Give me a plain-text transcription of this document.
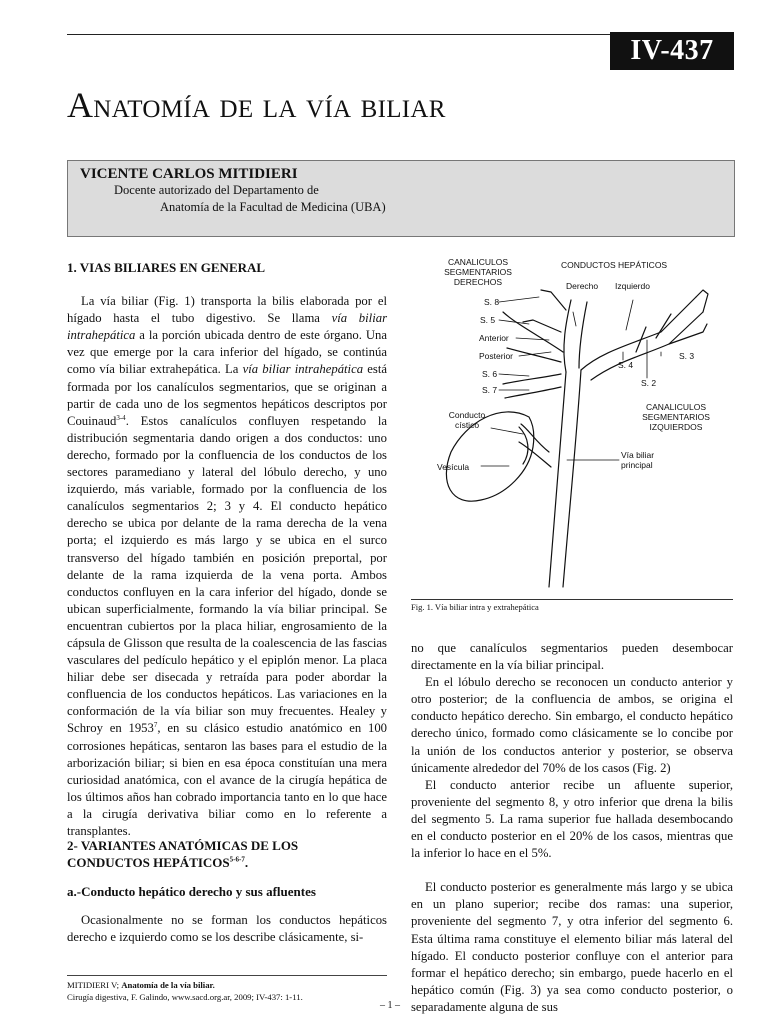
IV-437
Anatomía de la vía biliar
VICENTE CARLOS MITIDIERI
Docente autorizado del Departamento de
Anatomía de la Facultad de Medicina (UBA)

1. VIAS BILIARES EN GENERAL

La vía biliar (Fig. 1) transporta la bilis elaborada por el hígado hasta el tubo digestivo. Se llama vía biliar intrahepática a la porción ubicada dentro de este órgano. Una vez que emerge por la cara inferior del hígado, se continúa como vía biliar extrahepática. La vía biliar intrahepática está formada por los canalículos segmentarios, que se originan a partir de cada uno de los segmentos hepáticos descriptos por Couinaud$^{3-4}$. Estos canalículos confluyen respetando la distribución segmentaria dando origen a dos conductos: uno derecho, formado por la confluencia de los conductos de los sectores paramediano y lateral del lóbulo derecho, y uno izquierdo, más variable, formado por la confluencia de los canalículos segmentarios 2; 3 y 4. El conducto hepático derecho se ubica por delante de la rama derecha de la vena porta; el izquierdo es más largo y se ubica en el surco transverso del hígado también en posición preportal, por delante de la rama izquierda de la vena porta. Ambos conductos confluyen en la cara inferior del hígado, donde se ubican superficialmente, formando la vía biliar principal. Se encuentran cubiertos por la placa hiliar, engrosamiento de la cápsula de Glisson que resulta de la coalescencia de las fascias vasculares del pedículo hepático y el epiplón menor. La placa hiliar debe ser disecada y retraída para poder abordar la confluencia de los conductos hepáticos. Las variaciones en la conformación de la vía biliar son muy frecuentes. Healey y Schroy en 1953$^7$, en su clásico estudio anatómico en 100 corrosiones hepáticas, sentaron las bases para el estudio de la arborización biliar; si bien en esa época constituían una mera curiosidad anatómica, con el avance de la cirugía hepática de los últimos años han cobrado importancia tanto en lo que hace a la cirugía derivativa biliar como en lo referente a transplantes.

2- VARIANTES ANATÓMICAS DE LOS
CONDUCTOS HEPÁTICOS$^{5-6-7}$.

a.-Conducto hepático derecho y sus afluentes

Ocasionalmente no se forman los conductos hepáticos derecho e izquierdo como se los describe clásicamente, si-

MITIDIERI V; Anatomía de la vía biliar.
Cirugía digestiva, F. Galindo, www.sacd.org.ar, 2009; IV-437: 1-11.
– 1 –
CANALICULOS
SEGMENTARIOS
DERECHOS
CONDUCTOS HEPÁTICOS
Derecho Izquierdo
S. 8
S. 5
Anterior
Posterior
S. 6
S. 7
S. 3
S. 4
S. 2
CANALICULOS
SEGMENTARIOS
IZQUIERDOS
Conducto
cístico
Vesícula
Vía biliar
principal
Fig. 1. Vía biliar intra y extrahepática

no que canalículos segmentarios pueden desembocar directamente en la vía biliar principal.

En el lóbulo derecho se reconocen un conducto anterior y otro posterior; de la confluencia de ambos, se origina el conducto hepático derecho. Sin embargo, el conducto hepático derecho único, formado como clásicamente se lo concibe por la unión de los conductos anterior y posterior, se observa únicamente alrededor del 70% de los casos (Fig. 2)

El conducto anterior recibe un afluente superior, proveniente del segmento 8, y otro inferior que drena la bilis del segmento 5. La rama superior fue hallada desembocando en el conducto posterior en el 20% de los casos, mientras que la inferior lo hace en el 5%.

El conducto posterior es generalmente más largo y se ubica en un plano superior; recibe dos ramas: una superior, proveniente del segmento 7, y otra inferior del segmento 6. Esta última rama constituye el elemento biliar más lateral del hígado. El conducto posterior confluye con el anterior para formar el hepático derecho; sin embargo, puede hacerlo en el hepático común (Fig. 3) ya sea como conducto posterior, o separadamente alguna de sus
